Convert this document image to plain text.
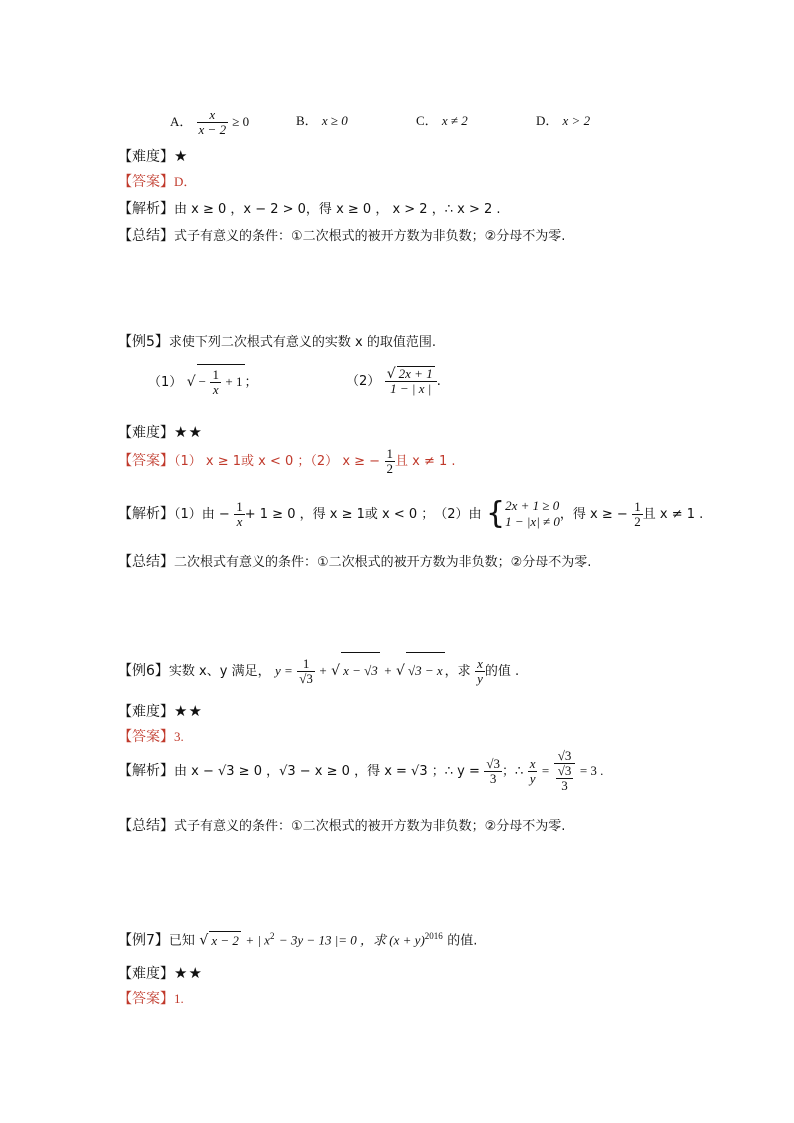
A． $\frac{x}{x - 2} \ge 0$	B． x ≥ 0	C． x ≠ 2	D． x > 2
【难度】★
【答案】D．
【解析】由 x ≥ 0 ，x − 2 > 0，得 x ≥ 0 ， x > 2 ，∴ x > 2 .
【总结】式子有意义的条件：①二次根式的被开方数为非负数；②分母不为零.
【例5】求使下列二次根式有意义的实数 x 的取值范围.
（1） √ − $\frac{1}{x} + 1$ ；	$(2) \frac{√ 2x + 1}{1 - | x |}$ .
【难度】★★
【答案】（1） x ≥ 1或 x < 0 ；（2） x ≥ − $\frac{1}{2}$ 且 x ≠ 1 .
【解析】（1）由 − $\frac{1}{x} + 1 \ge 0$ ，得 x ≥ 1或 x < 0 ；　（2）由 { 2x + 1 ≥ 0
1 − |x| ≠ 0 ，得 x ≥ − $\frac{1}{2}$ 且 x ≠ 1 .
【总结】二次根式有意义的条件：①二次根式的被开方数为非负数；②分母不为零.
【例6】实数 x、y 满足， $y = \frac{1}{√3}$ + √ x − √3 + √ √3 − x ，求 $\frac{x}{y}$ 的值 .
【难度】★★
【答案】3.
【解析】由 x − √3 ≥ 0 ，√3 − x ≥ 0 ，得 x = √3 ；∴ $y = \frac{√3}{3}$ ；∴ $\frac{x}{y} = \frac{√3}{\frac{√3}{3}} = 3$ .
【总结】式子有意义的条件：①二次根式的被开方数为非负数；②分母不为零.
【例7】已知 √ x − 2 + | $x^2 - 3y - 13$ |= 0 ，求 $(x + y)^{2016}$ 的值.
【难度】★★
【答案】1.
